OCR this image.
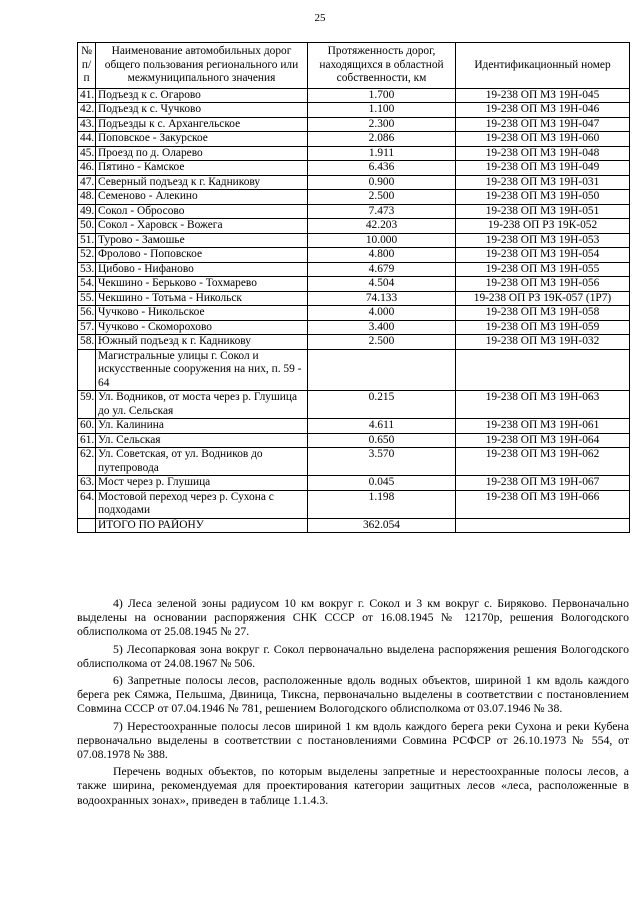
25
№ п/п	Наименование автомобильных дорог общего пользования регионального или межмуниципального значения	Протяженность дорог, находящихся в областной собственности, км	Идентификационный номер
41.	Подъезд к с. Огарово	1.700	19-238 ОП МЗ 19Н-045
42.	Подъезд к с. Чучково	1.100	19-238 ОП МЗ 19Н-046
43.	Подъезды к с. Архангельское	2.300	19-238 ОП МЗ 19Н-047
44.	Поповское - Закурское	2.086	19-238 ОП МЗ 19Н-060
45.	Проезд по д. Оларево	1.911	19-238 ОП МЗ 19Н-048
46.	Пятино - Камское	6.436	19-238 ОП МЗ 19Н-049
47.	Северный подъезд к г. Кадникову	0.900	19-238 ОП МЗ 19Н-031
48.	Семеново - Алекино	2.500	19-238 ОП МЗ 19Н-050
49.	Сокол - Обросово	7.473	19-238 ОП МЗ 19Н-051
50.	Сокол - Харовск - Вожега	42.203	19-238 ОП РЗ 19К-052
51.	Турово - Замошье	10.000	19-238 ОП МЗ 19Н-053
52.	Фролово - Поповское	4.800	19-238 ОП МЗ 19Н-054
53.	Цибово - Нифаново	4.679	19-238 ОП МЗ 19Н-055
54.	Чекшино - Берьково - Тохмарево	4.504	19-238 ОП МЗ 19Н-056
55.	Чекшино - Тотьма - Никольск	74.133	19-238 ОП РЗ 19К-057 (1Р7)
56.	Чучково - Никольское	4.000	19-238 ОП МЗ 19Н-058
57.	Чучково - Скоморохово	3.400	19-238 ОП МЗ 19Н-059
58.	Южный подъезд к г. Кадникову	2.500	19-238 ОП МЗ 19Н-032
	Магистральные улицы г. Сокол и искусственные сооружения на них, п. 59 - 64		
59.	Ул. Водников, от моста через р. Глушица до ул. Сельская	0.215	19-238 ОП МЗ 19Н-063
60.	Ул. Калинина	4.611	19-238 ОП МЗ 19Н-061
61.	Ул. Сельская	0.650	19-238 ОП МЗ 19Н-064
62.	Ул. Советская, от ул. Водников до путепровода	3.570	19-238 ОП МЗ 19Н-062
63.	Мост через р. Глушица	0.045	19-238 ОП МЗ 19Н-067
64.	Мостовой переход через р. Сухона с подходами	1.198	19-238 ОП МЗ 19Н-066
	ИТОГО ПО РАЙОНУ	362.054	

4) Леса зеленой зоны радиусом 10 км вокруг г. Сокол и 3 км вокруг с. Биряково. Первоначально выделены на основании распоряжения СНК СССР от 16.08.1945 № 12170р, решения Вологодского облисполкома от 25.08.1945 № 27.

5) Лесопарковая зона вокруг г. Сокол первоначально выделена распоряжения решения Вологодского облисполкома от 24.08.1967 № 506.

6) Запретные полосы лесов, расположенные вдоль водных объектов, шириной 1 км вдоль каждого берега рек Сямжа, Пельшма, Двиница, Тиксна, первоначально выделены в соответствии с постановлением Совмина СССР от 07.04.1946 № 781, решением Вологодского облисполкома от 03.07.1946 № 38.

7) Нерестоохранные полосы лесов шириной 1 км вдоль каждого берега реки Сухона и реки Кубена первоначально выделены в соответствии с постановлениями Совмина РСФСР от 26.10.1973 № 554, от 07.08.1978 № 388.

Перечень водных объектов, по которым выделены запретные и нерестоохранные полосы лесов, а также ширина, рекомендуемая для проектирования категории защитных лесов «леса, расположенные в водоохранных зонах», приведен в таблице 1.1.4.3.
